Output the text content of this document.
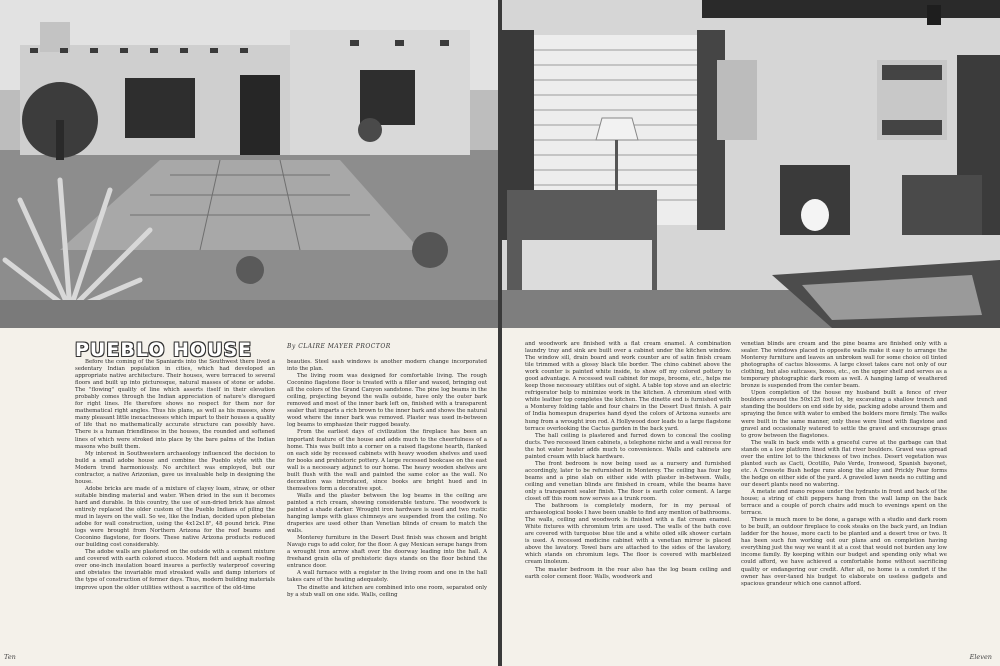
PUEBLO HOUSE	By CLAIRE MAYER PROCTOR

Before the coming of the Spaniards into the Southwest there lived a sedentary Indian population in cities, which had developed an appropriate native architecture. Their houses, were terraced to several floors and built up into picturesque, natural masses of stone or adobe. The "flowing" quality of line which asserts itself in their elevation probably comes through the Indian appreciation of nature's disregard for right lines. He therefore shows no respect for them nor for mathematical right angles. Thus his plans, as well as his masses, show many pleasant little inexactnesses which impart to their houses a quality of life that no mathematically accurate structure can possibly have. There is a human friendliness in the houses, the rounded and softened lines of which were stroked into place by the bare palms of the Indian masons who built them.

My interest in Southwestern archaeology influenced the decision to build a small adobe house and combine the Pueblo style with the Modern trend harmoniously. No architect was employed, but our contractor, a native Arizonian, gave us invaluable help in designing the house.

Adobe bricks are made of a mixture of clayey loam, straw, or other suitable binding material and water. When dried in the sun it becomes hard and durable. In this country, the use of sun-dried brick has almost entirely replaced the older custom of the Pueblo Indians of piling the mud in layers on the wall. So we, like the Indian, decided upon plebeian adobe for wall construction, using the 4x12x18", 48 pound brick. Pine logs were brought from Northern Arizona for the roof beams and Coconino flagstone, for floors. These native Arizona products reduced our building cost considerably.

The adobe walls are plastered on the outside with a cement mixture and covered with earth colored stucco. Modern felt and asphalt roofing over one-inch insulation board insures a perfectly waterproof covering and obviates the invariable mud streaked walls and damp interiors of the type of construction of former days. Thus, modern building materials improve upon the older utilities without a sacrifice of the old-time

beauties. Steel sash windows is another modern change incorporated into the plan.

The living room was designed for comfortable living. The rough Coconino flagstone floor is treated with a filler and waxed, bringing out all the colors of the Grand Canyon sandstone. The pine log beams in the ceiling, projecting beyond the walls outside, have only the outer bark removed and most of the inner bark left on, finished with a transparent sealer that imparts a rich brown to the inner bark and shows the natural wood where the inner bark was removed. Plaster was used in-between log beams to emphasize their rugged beauty.

From the earliest days of civilization the fireplace has been an important feature of the house and adds much to the cheerfulness of a home. This was built into a corner on a raised flagstone hearth, flanked on each side by recessed cabinets with heavy wooden shelves and used for books and prehistoric pottery. A large recessed bookcase on the east wall is a necessary adjunct to our home. The heavy wooden shelves are built flush with the wall and painted the same color as the wall. No decoration was introduced, since books are bright hued and in themselves form a decorative spot.

Walls and the plaster between the log beams in the ceiling are painted a rich cream, showing considerable texture. The woodwork is painted a shade darker. Wrought iron hardware is used and two rustic hanging lamps with glass chimneys are suspended from the ceiling. No draperies are used other than Venetian blinds of cream to match the walls.

Monterey furniture in the Desert Dust finish was chosen and bright Navajo rugs to add color, for the floor. A gay Mexican serape hangs from a wrought iron arrow shaft over the doorway leading into the hall. A freehand grain olla of prehistoric days stands on the floor behind the entrance door.

A wall furnace with a register in the living room and one in the hall takes care of the heating adequately.

The dinette and kitchen are combined into one room, separated only by a stub wall on one side. Walls, ceiling

Ten

and woodwork are finished with a flat cream enamel. A combination laundry tray and sink are built over a cabinet under the kitchen window. The window sill, drain board and work counter are of satin finish cream tile trimmed with a glossy black tile border. The chino cabinet above the work counter is painted white inside, to show off my colored pottery to good advantage. A recessed wall cabinet for mops, brooms, etc., helps me keep those necessary utilities out of sight. A table top stove and an electric refrigerator help to minimize work in the kitchen. A chromium steel with white leather top completes the kitchen. The dinette end is furnished with a Monterey folding table and four chairs in the Desert Dust finish. A pair of India homespun draperies hand dyed the colors of Arizona sunsets are hung from a wrought iron rod. A Hollywood door leads to a large flagstone terrace overlooking the Cactus garden in the back yard.

The hall ceiling is plastered and furred down to conceal the cooling ducts. Two recessed linen cabinets, a telephone niche and a wall recess for the hot water heater adds much to convenience. Walls and cabinets are painted cream with black hardware.

The front bedroom is now being used as a nursery and furnished accordingly, later to be refurnished in Monterey. The ceiling has four log beams and a pine slab on either side with plaster in-between. Walls, ceiling and venetian blinds are finished in cream, while the beams have only a transparent sealer finish. The floor is earth color cement. A large closet off this room now serves as a trunk room.

The bathroom is completely modern, for in my perusal of archaeological books I have been unable to find any mention of bathrooms. The walls, ceiling and woodwork is finished with a flat cream enamel. White fixtures with chromium trim are used. The walls of the bath cove are covered with turquoise blue tile and a white oiled silk shower curtain is used. A recessed medicine cabinet with a venetian mirror is placed above the lavatory. Towel bars are attached to the sides of the lavatory, which stands on chromium legs. The floor is covered with marbleized cream linoleum.

The master bedroom in the rear also has the log beam ceiling and earth color cement floor. Walls, woodwork and

venetian blinds are cream and the pine beams are finished only with a sealer. The windows placed in opposite walls make it easy to arrange the Monterey furniture and leaves an unbroken wall for some choice oil tinted photographs of cactus blossoms. A large closet takes care not only of our clothing, but also suitcases, boxes, etc., on the upper shelf and serves as a temporary photographic dark room as well. A hanging lamp of weathered bronze is suspended from the center beam.

Upon completion of the house my husband built a fence of river boulders around the 50x125 foot lot, by excavating a shallow trench and standing the boulders on end side by side, packing adobe around them and spraying the fence with water to embed the bolders more firmly. The walks were built in the same manner, only these were lined with flagstone and gravel and occasionally watered to settle the gravel and encourage grass to grow between the flagstones.

The walk in back ends with a graceful curve at the garbage can that stands on a low platform lined with flat river boulders. Gravel was spread over the entire lot to the thickness of two inches. Desert vegetation was planted such as Cacti, Ocotillo, Palo Verde, Ironwood, Spanish bayonet, etc. A Creosote Bush hedge runs along the alley and Prickly Pear forms the hedge on either side of the yard. A graveled lawn needs no cutting and our desert plants need no watering.

A metate and mano repose under the hydrants in front and back of the house; a string of chili peppers hang from the wall lamp on the back terrace and a couple of porch chairs add much to evenings spent on the terrace.

There is much more to be done, a garage with a studio and dark room to be built, an outdoor fireplace to cook steaks on the back yard, an Indian ladder for the house, more cacti to be planted and a desert tree or two. It has been such fun working out our plans and on completion having everything just the way we want it at a cost that would not burden any low income family. By keeping within our budget and spending only what we could afford, we have achieved a comfortable home without sacrificing quality or endangering our credit. After all, no home is a comfort if the owner has over-taxed his budget to elaborate on useless gadgets and spacious grandeur which one cannot afford.

Eleven
